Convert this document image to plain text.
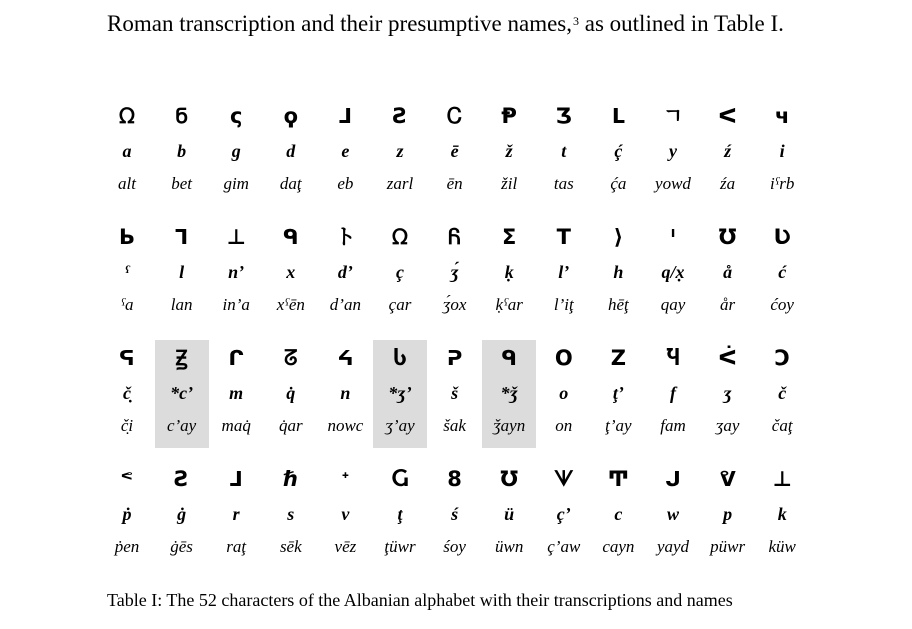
Roman transcription and their presumptive names,$^3$ as outlined in Table I.

ᘯ
a
alt
Ნ
b
bet
ς
g
gim
ϙ
d
daţ
ᒧ
e
eb
Ꙅ
z
zarl
Ꮯ
ē
ēn
Ᵽ
ž
žil
Ʒ
t
tas
ᒪ
ḉ
ḉa
ㄱ
y
yowd
ᐸ
ź
źa
ч
i
iˤrb
Ь
ˤ
ˤa
ᒣ
l
lan
⊥
n’
in’a
ᑫ
x
xˤēn
ト
d’
d’an
ᘯ
ç
çar
Ᏺ
ʒ́
ʒ́ox
Σ
ḳ
ḳˤar
T
l’
l’iţ
⟩
h
hēţ
ᑊ
q/x̣
qay
Ʊ
å
år
Ʋ
ć
ćoy
ᕋ
č̣
č̣i
Ꙃ
*c’
c’ay
ᒋ
m
maq̇
ᘔ
q̇
q̇ar
ᔦ
n
nowc
Ⴑ
*ʒ’
ʒ’ay
ᕈ
š
šak
ᑫ
*ǯ
ǯayn
Ο
o
on
Z
ţ’
ţ’ay
Ⴏ
f
fam
ᐹ
ʒ
ʒay
Ͻ
č
čaţ
ᕝ
ṗ
ṗen
Ƨ
ġ
ġēs
ᒧ
r
raţ
ℏ
s
sēk
ᐩ
v
vēz
Ⴚ
ţ
ţüwr
8
ś
śoy
Ʊ
ü
üwn
ᗐ
ç’
ç’aw
Ͳ
c
cayn
ᒍ
w
yayd
ᕓ
p
püwr
⊥
k
küw

Table I: The 52 characters of the Albanian alphabet with their transcriptions and names
